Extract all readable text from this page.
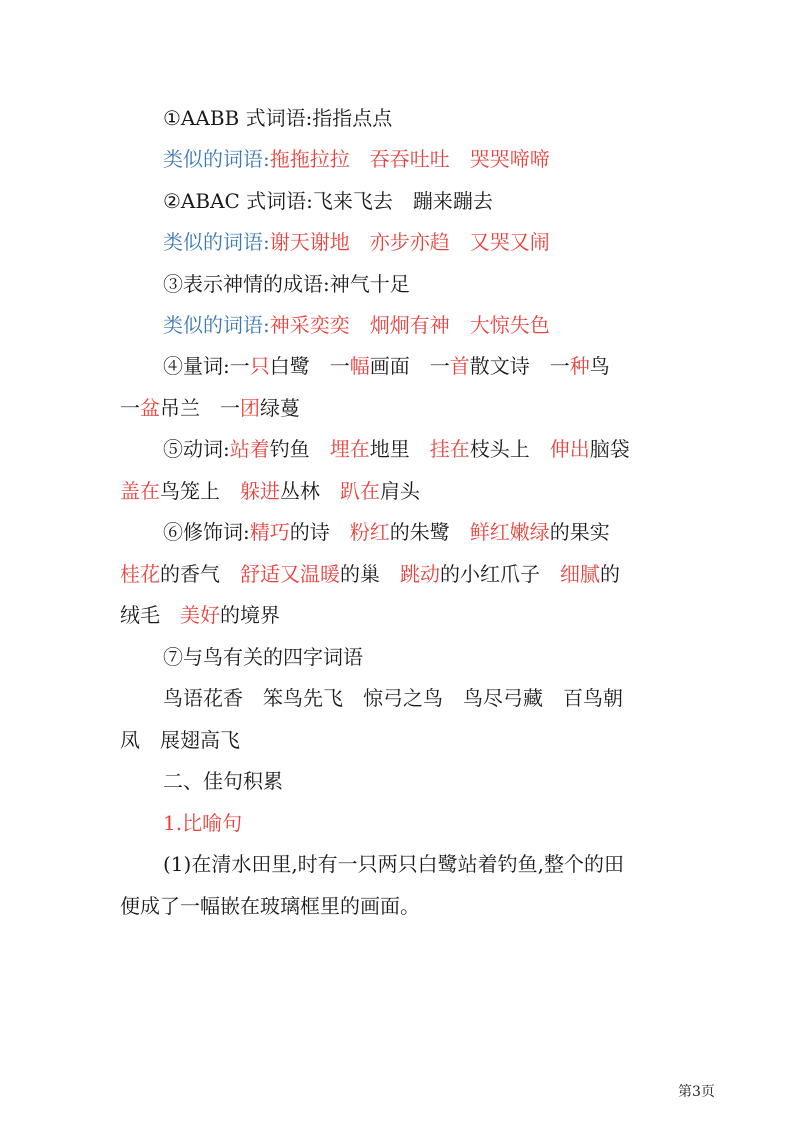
①AABB 式词语:指指点点
类似的词语:拖拖拉拉 吞吞吐吐 哭哭啼啼
②ABAC 式词语:飞来飞去 蹦来蹦去
类似的词语:谢天谢地 亦步亦趋 又哭又闹
③表示神情的成语:神气十足
类似的词语:神采奕奕 炯炯有神 大惊失色
④量词:一只白鹭 一幅画面 一首散文诗 一种鸟
一盆吊兰 一团绿蔓
⑤动词:站着钓鱼 埋在地里 挂在枝头上 伸出脑袋
盖在鸟笼上 躲进丛林 趴在肩头
⑥修饰词:精巧的诗 粉红的朱鹭 鲜红嫩绿的果实
桂花的香气 舒适又温暖的巢 跳动的小红爪子 细腻的
绒毛 美好的境界
⑦与鸟有关的四字词语
鸟语花香 笨鸟先飞 惊弓之鸟 鸟尽弓藏 百鸟朝
凤 展翅高飞
二、佳句积累
1.比喻句
(1)在清水田里,时有一只两只白鹭站着钓鱼,整个的田
便成了一幅嵌在玻璃框里的画面。
第3页
